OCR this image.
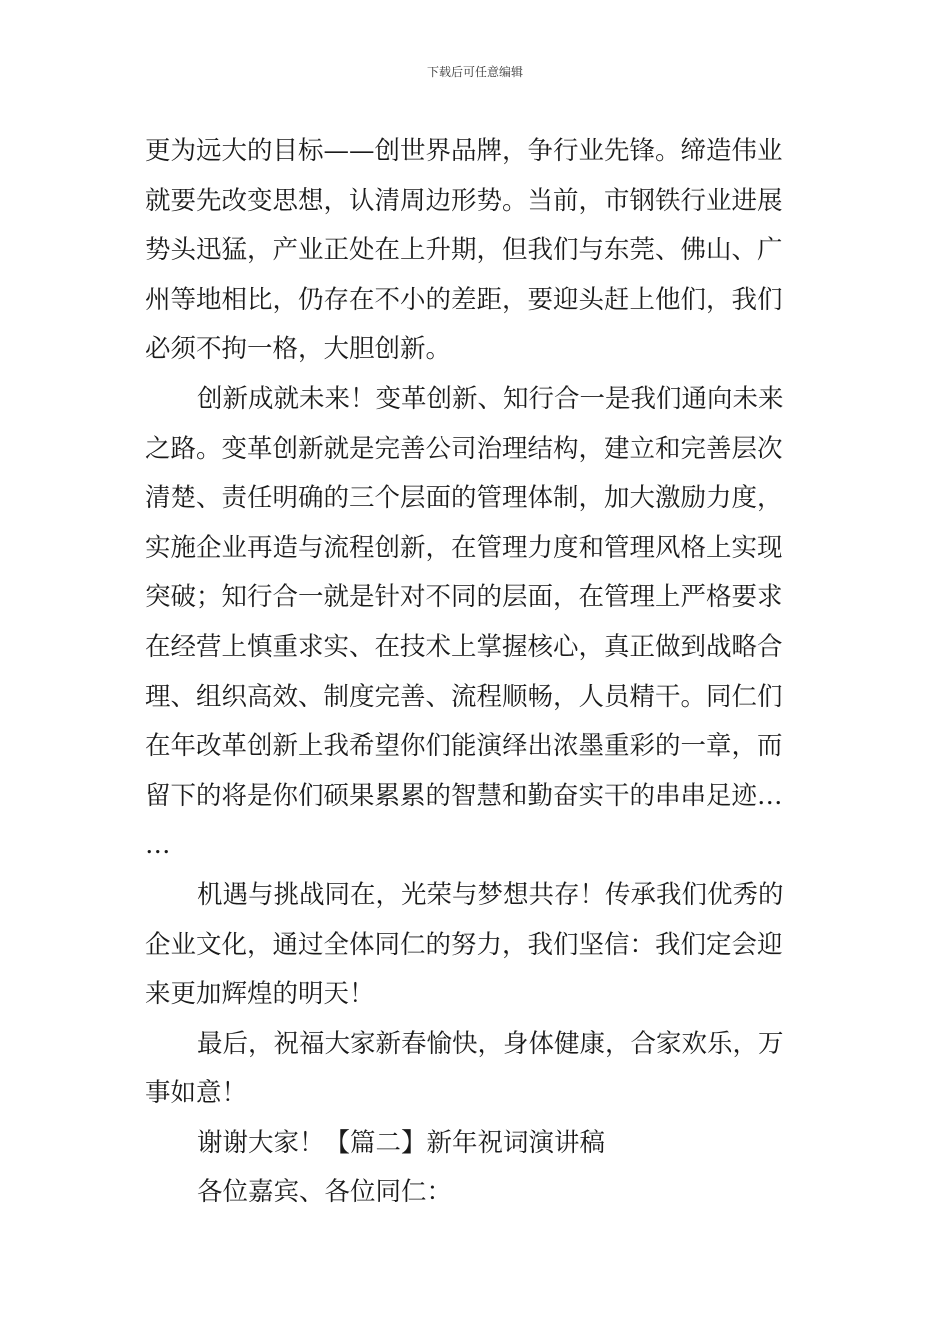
下载后可任意编辑

更为远大的目标——创世界品牌，争行业先锋。缔造伟业
就要先改变思想，认清周边形势。当前，市钢铁行业进展
势头迅猛，产业正处在上升期，但我们与东莞、佛山、广
州等地相比，仍存在不小的差距，要迎头赶上他们，我们
必须不拘一格，大胆创新。

创新成就未来！变革创新、知行合一是我们通向未来
之路。变革创新就是完善公司治理结构，建立和完善层次
清楚、责任明确的三个层面的管理体制，加大激励力度，
实施企业再造与流程创新，在管理力度和管理风格上实现
突破；知行合一就是针对不同的层面，在管理上严格要求
在经营上慎重求实、在技术上掌握核心，真正做到战略合
理、组织高效、制度完善、流程顺畅，人员精干。同仁们
在年改革创新上我希望你们能演绎出浓墨重彩的一章，而
留下的将是你们硕果累累的智慧和勤奋实干的串串足迹…
…

机遇与挑战同在，光荣与梦想共存！传承我们优秀的
企业文化，通过全体同仁的努力，我们坚信：我们定会迎
来更加辉煌的明天！

最后，祝福大家新春愉快，身体健康，合家欢乐，万
事如意！

谢谢大家！【篇二】新年祝词演讲稿

各位嘉宾、各位同仁：
